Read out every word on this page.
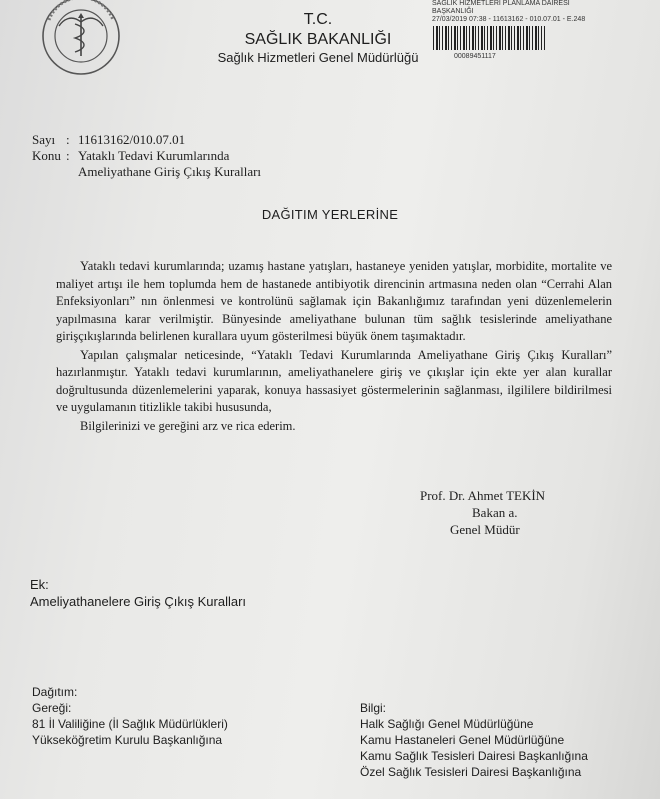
T.C.
SAĞLIK BAKANLIĞI
Sağlık Hizmetleri Genel Müdürlüğü
SAĞLIK HİZMETLERİ PLANLAMA DAİRESİ
BAŞKANLIĞI
27/03/2019 07:38 - 11613162 - 010.07.01 - E.248
00089451117
Sayı : 11613162/010.07.01
Konu : Yataklı Tedavi Kurumlarında
Ameliyathane Giriş Çıkış Kuralları
DAĞITIM YERLERİNE

Yataklı tedavi kurumlarında; uzamış hastane yatışları, hastaneye yeniden yatışlar, morbidite, mortalite ve maliyet artışı ile hem toplumda hem de hastanede antibiyotik direncinin artmasına neden olan “Cerrahi Alan Enfeksiyonları” nın önlenmesi ve kontrolünü sağlamak için Bakanlığımız tarafından yeni düzenlemelerin yapılmasına karar verilmiştir. Bünyesinde ameliyathane bulunan tüm sağlık tesislerinde ameliyathane girişçıkışlarında belirlenen kurallara uyum gösterilmesi büyük önem taşımaktadır.

Yapılan çalışmalar neticesinde, “Yataklı Tedavi Kurumlarında Ameliyathane Giriş Çıkış Kuralları” hazırlanmıştır. Yataklı tedavi kurumlarının, ameliyathanelere giriş ve çıkışlar için ekte yer alan kurallar doğrultusunda düzenlemelerini yaparak, konuya hassasiyet göstermelerinin sağlanması, ilgililere bildirilmesi ve uygulamanın titizlikle takibi hususunda,

Bilgilerinizi ve gereğini arz ve rica ederim.

Prof. Dr. Ahmet TEKİN
Bakan a.
Genel Müdür
Ek:
Ameliyathanelere Giriş Çıkış Kuralları
Dağıtım:
Gereği:
81 İl Valiliğine (İl Sağlık Müdürlükleri)
Yükseköğretim Kurulu Başkanlığına
Bilgi:
Halk Sağlığı Genel Müdürlüğüne
Kamu Hastaneleri Genel Müdürlüğüne
Kamu Sağlık Tesisleri Dairesi Başkanlığına
Özel Sağlık Tesisleri Dairesi Başkanlığına
